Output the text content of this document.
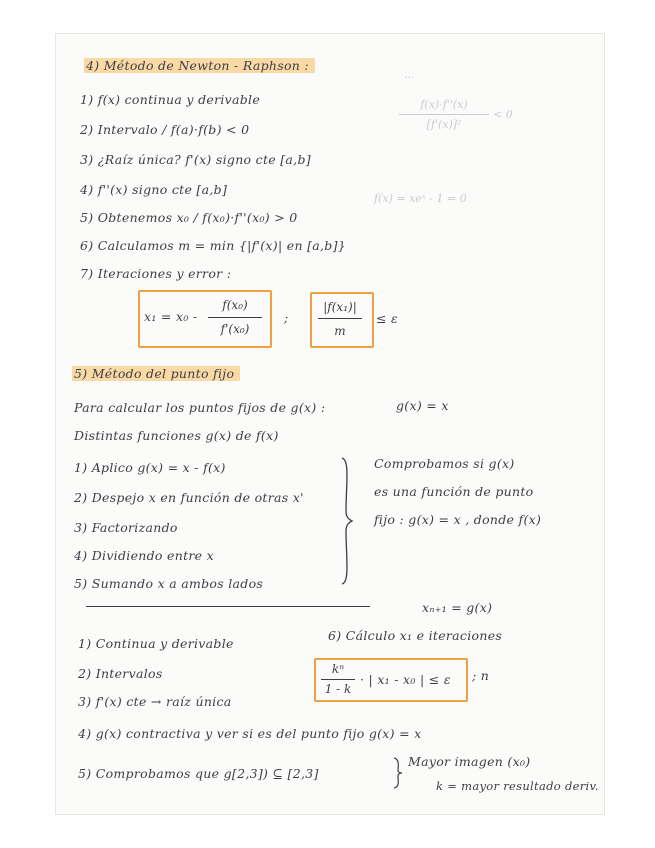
4) Método de Newton - Raphson :
...
f(x)·f''(x)
[f'(x)]²
< 0
f(x) = xeˣ - 1 = 0
1) f(x) continua y derivable
2) Intervalo / f(a)·f(b) < 0
3) ¿Raíz única? f'(x) signo cte [a,b]
4) f''(x) signo cte [a,b]
5) Obtenemos x₀ / f(x₀)·f''(x₀) > 0
6) Calculamos m = min {|f'(x)| en [a,b]}
7) Iteraciones y error :
x₁ = x₀ -
f(x₀)
f'(x₀)
;
|f(x₁)|
m
≤ ε
5) Método del punto fijo
Para calcular los puntos fijos de g(x) :	g(x) = x
Distintas funciones g(x) de f(x)
1) Aplico g(x) = x - f(x)
2) Despejo x en función de otras x'
3) Factorizando
4) Dividiendo entre x
5) Sumando x a ambos lados
Comprobamos si g(x)
es una función de punto
fijo : g(x) = x , donde f(x)
xₙ₊₁ = g(x)
1) Continua y derivable
6) Cálculo x₁ e iteraciones
2) Intervalos	kⁿ
1 - k
· | x₁ - x₀ | ≤ ε ; n
3) f'(x) cte → raíz única
4) g(x) contractiva y ver si es del punto fijo g(x) = x
5) Comprobamos que g[2,3]) ⊆ [2,3]
Mayor imagen (x₀)
k = mayor resultado deriv.
